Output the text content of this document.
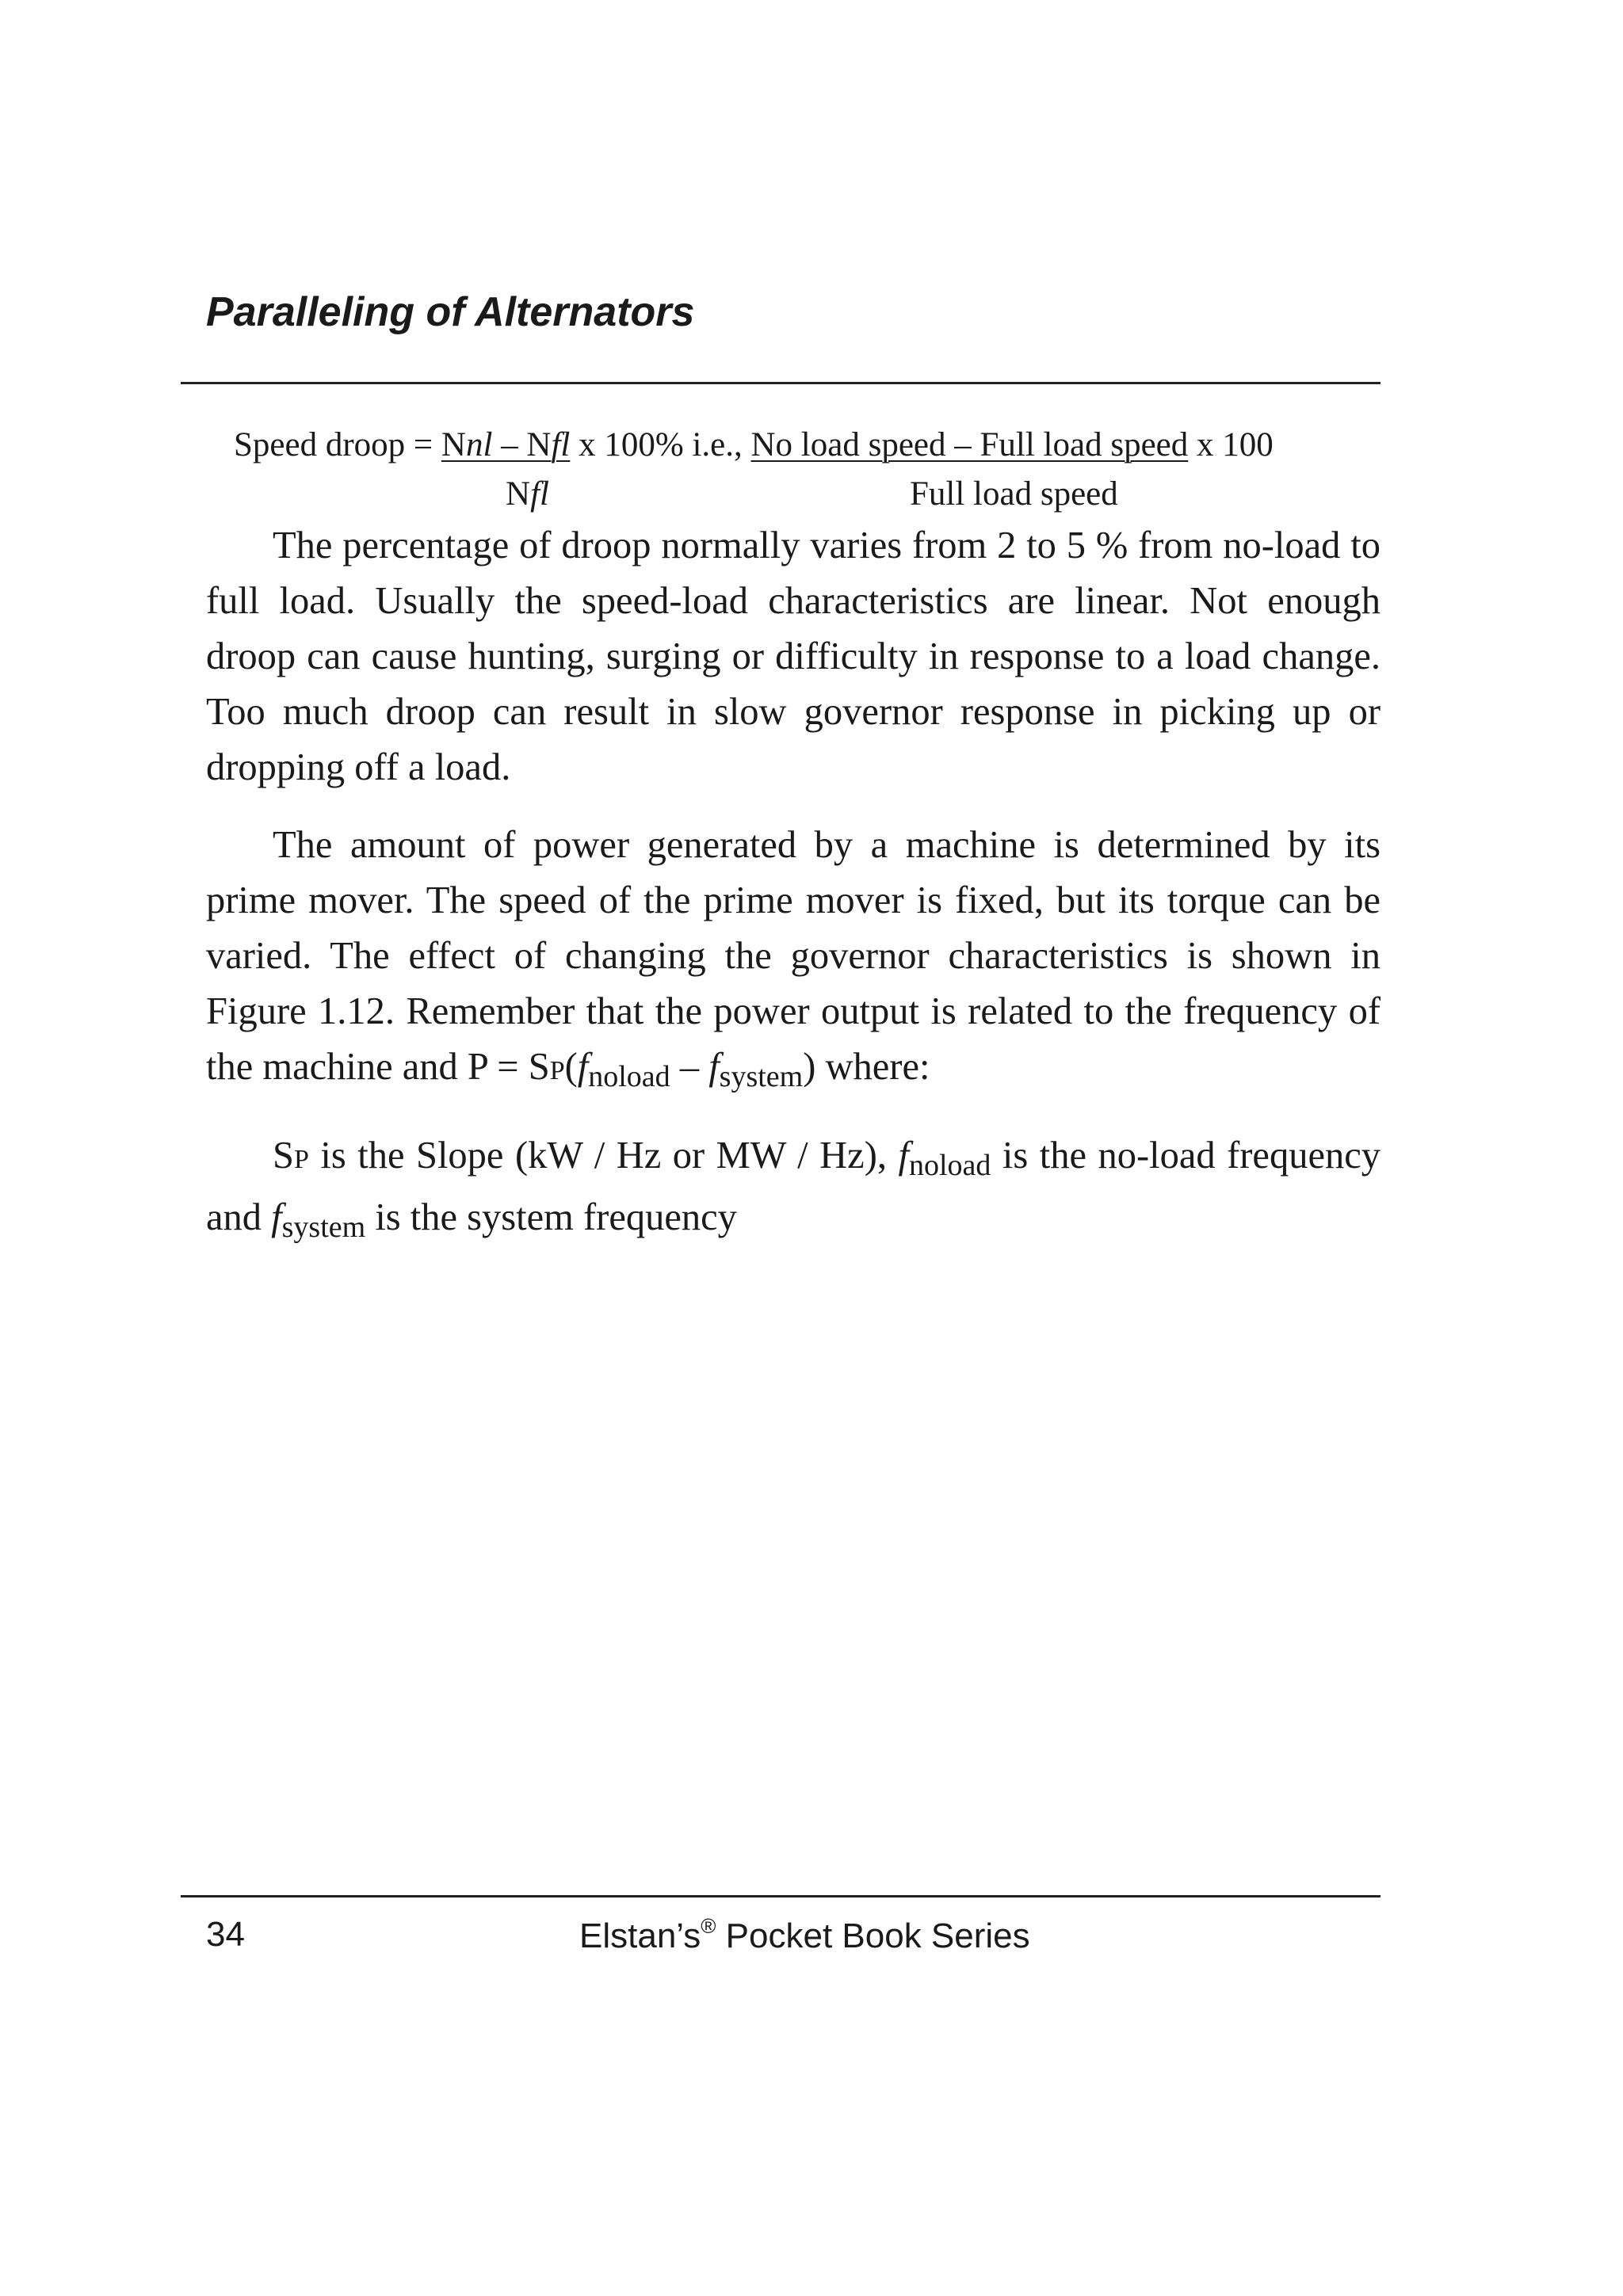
Paralleling of Alternators
Speed droop = Nnl – Nfl x 100% i.e., No load speed – Full load speed x 100
Nfl	Full load speed

The percentage of droop normally varies from 2 to 5 % from no-load to full load. Usually the speed-load characteristics are linear. Not enough droop can cause hunting, surging or difficulty in response to a load change. Too much droop can result in slow governor response in picking up or dropping off a load.

The amount of power generated by a machine is determined by its prime mover. The speed of the prime mover is fixed, but its torque can be varied. The effect of changing the governor characteristics is shown in Figure 1.12. Remember that the power output is related to the frequency of the machine and $P = SP(f_{noload} - f_{system})$ where:

SP is the Slope (kW / Hz or MW / Hz), $f_{noload}$ is the no-load frequency and $f_{system}$ is the system frequency

34	Elstan’s® Pocket Book Series
